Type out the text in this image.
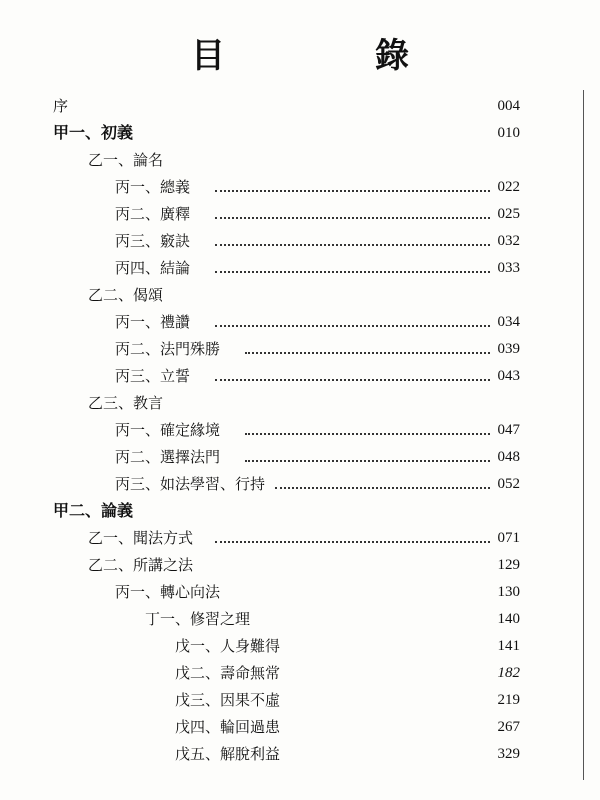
目　錄
序	004
甲一、初義	010
乙一、論名
丙一、總義	022
丙二、廣釋	025
丙三、竅訣	032
丙四、結論	033
乙二、偈頌
丙一、禮讚	034
丙二、法門殊勝	039
丙三、立誓	043
乙三、教言
丙一、確定緣境	047
丙二、選擇法門	048
丙三、如法學習、行持	052
甲二、論義
乙一、聞法方式	071
乙二、所講之法	129
丙一、轉心向法	130
丁一、修習之理	140
戊一、人身難得	141
戊二、壽命無常	182
戊三、因果不虛	219
戊四、輪回過患	267
戊五、解脫利益	329
